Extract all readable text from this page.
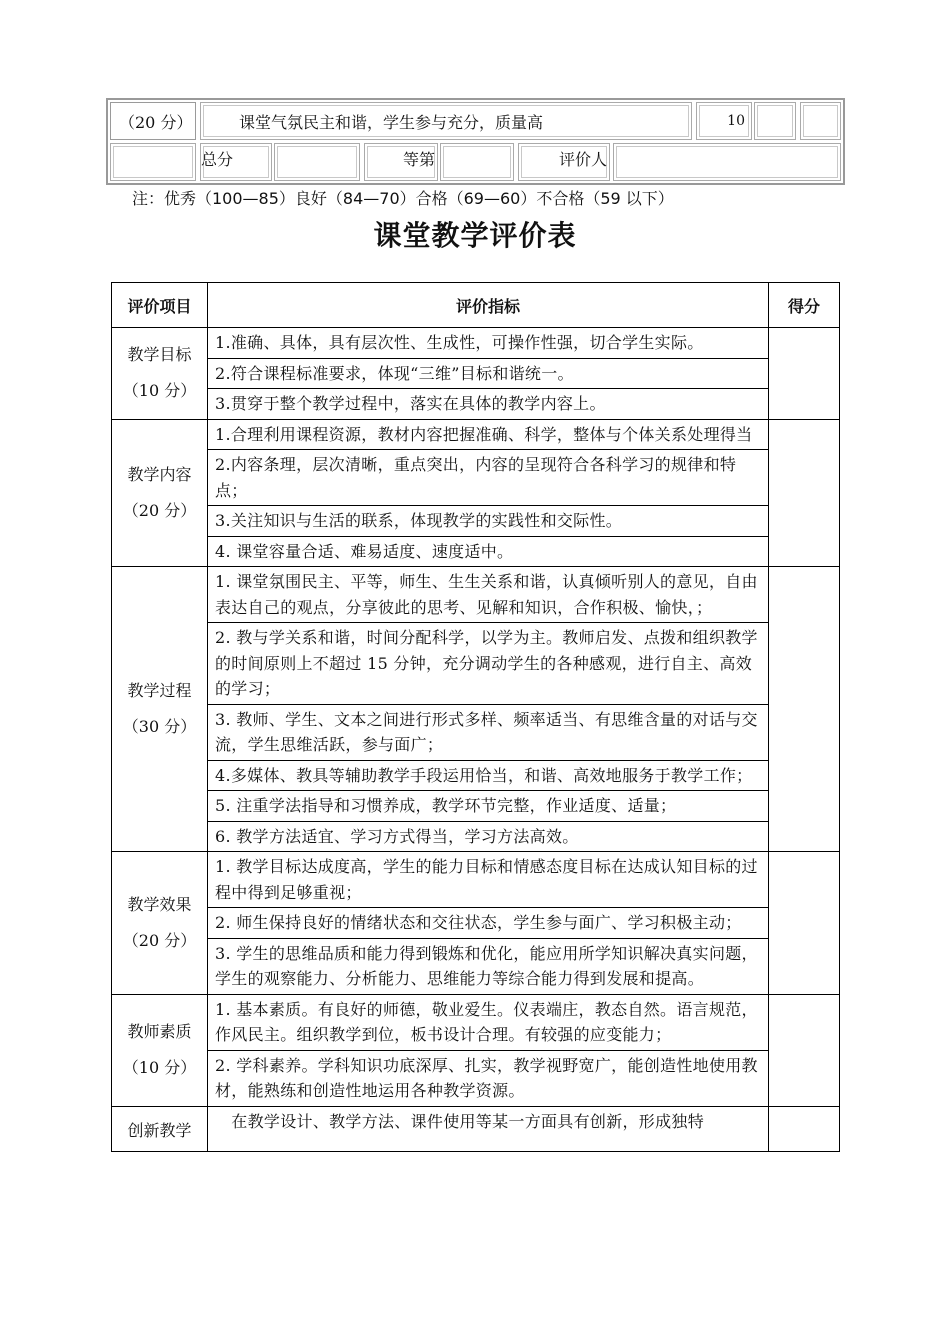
（20 分）	课堂气氛民主和谐，学生参与充分，质量高	10
总分	等第	评价人
注：优秀（100—85）良好（84—70）合格（69—60）不合格（59 以下）
课堂教学评价表
评价项目	评价指标	得分

教学目标
（10 分）	1.准确、具体，具有层次性、生成性，可操作性强，切合学生实际。	
	2.符合课程标准要求，体现“三维”目标和谐统一。	
	3.贯穿于整个教学过程中，落实在具体的教学内容上。	

教学内容
（20 分）	1.合理利用课程资源，教材内容把握准确、科学，整体与个体关系处理得当	
	2.内容条理，层次清晰，重点突出，内容的呈现符合各科学习的规律和特点；	
	3.关注知识与生活的联系，体现教学的实践性和交际性。	
	4. 课堂容量合适、难易适度、速度适中。	

教学过程
（30 分）	1. 课堂氛围民主、平等，师生、生生关系和谐，认真倾听别人的意见，自由表达自己的观点，分享彼此的思考、见解和知识，合作积极、愉快，；	
	2. 教与学关系和谐，时间分配科学，以学为主。教师启发、点拨和组织教学的时间原则上不超过 15 分钟，充分调动学生的各种感观，进行自主、高效的学习；	
	3. 教师、学生、文本之间进行形式多样、频率适当、有思维含量的对话与交流，学生思维活跃，参与面广；	
	4.多媒体、教具等辅助教学手段运用恰当，和谐、高效地服务于教学工作；	
	5. 注重学法指导和习惯养成，教学环节完整，作业适度、适量；	
	6. 教学方法适宜、学习方式得当，学习方法高效。	

教学效果
（20 分）	1. 教学目标达成度高，学生的能力目标和情感态度目标在达成认知目标的过程中得到足够重视；	
	2. 师生保持良好的情绪状态和交往状态，学生参与面广、学习积极主动；	
	3. 学生的思维品质和能力得到锻炼和优化，能应用所学知识解决真实问题，学生的观察能力、分析能力、思维能力等综合能力得到发展和提高。	

教师素质
（10 分）	1. 基本素质。有良好的师德，敬业爱生。仪表端庄，教态自然。语言规范，作风民主。组织教学到位，板书设计合理。有较强的应变能力；	
	2. 学科素养。学科知识功底深厚、扎实，教学视野宽广，能创造性地使用教材，能熟练和创造性地运用各种教学资源。	

创新教学	　在教学设计、教学方法、课件使用等某一方面具有创新，形成独特	
